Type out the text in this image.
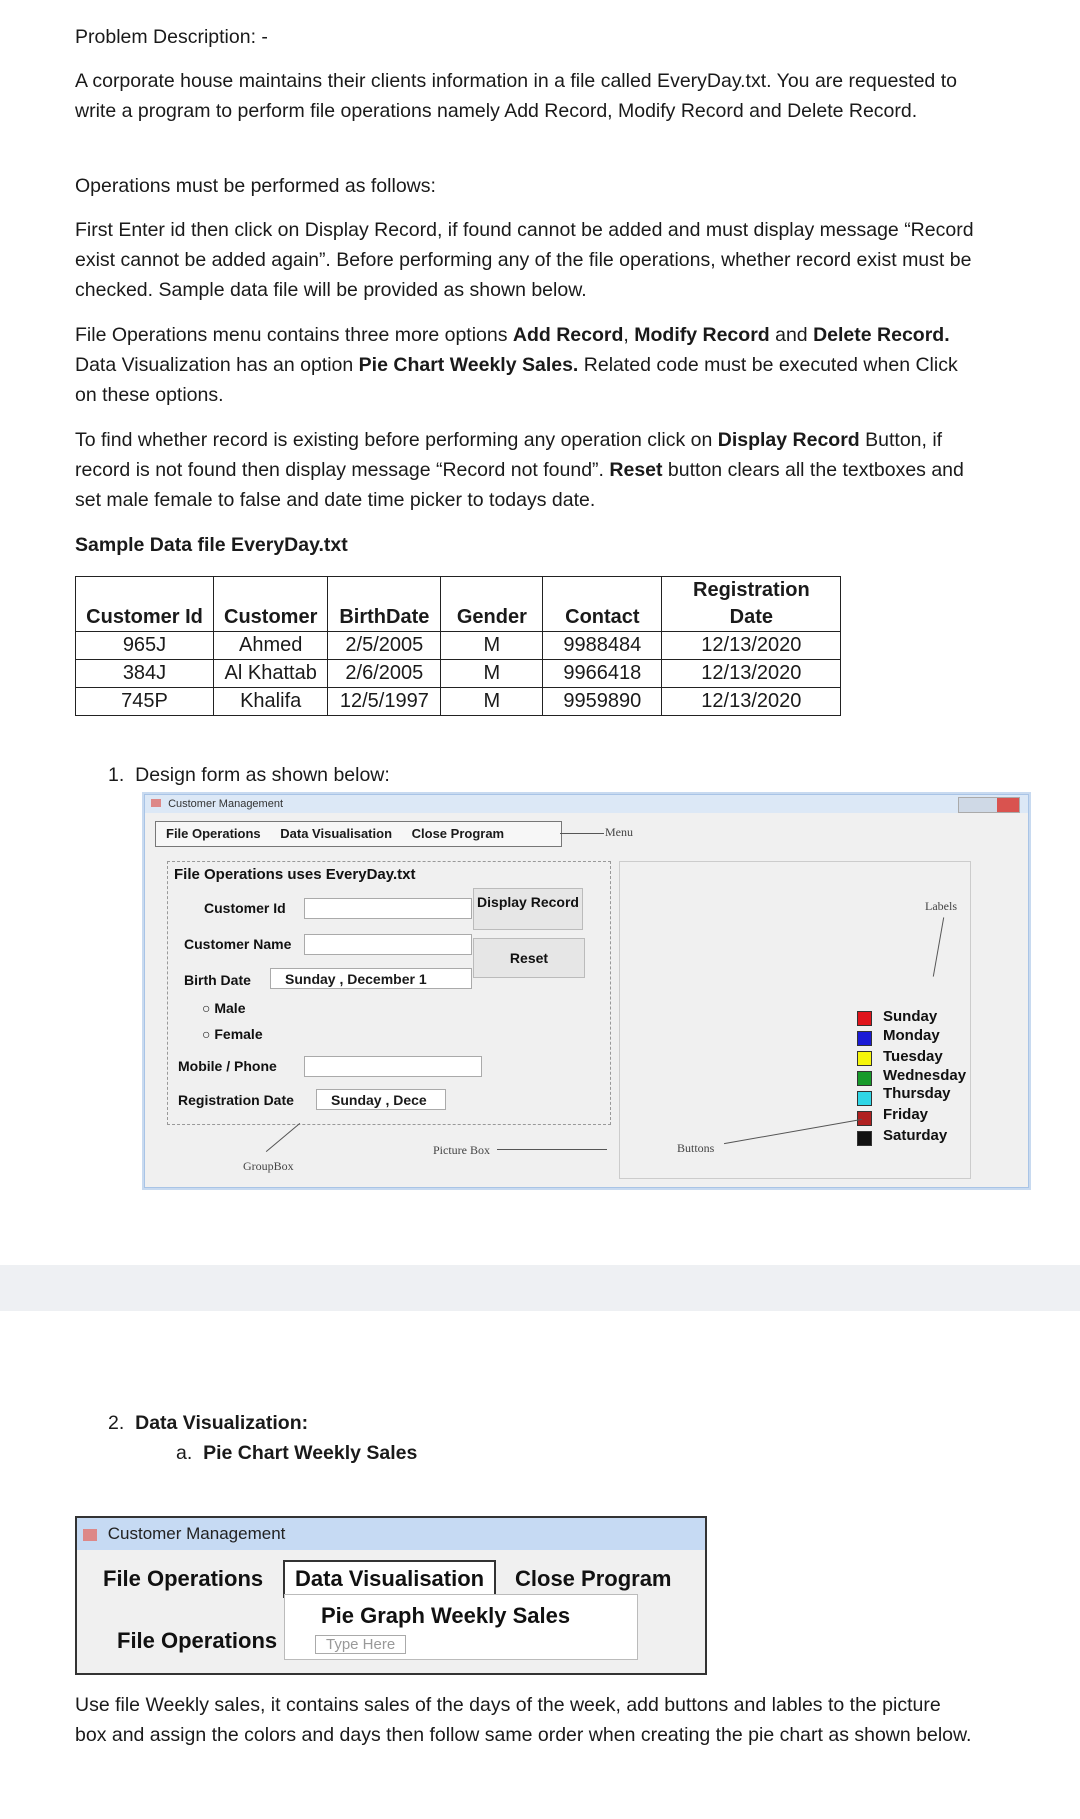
Problem Description: -
A corporate house maintains their clients information in a file called EveryDay.txt. You are requested to write a program to perform file operations namely Add Record, Modify Record and Delete Record.
Operations must be performed as follows:
First Enter id then click on Display Record, if found cannot be added and must display message “Record exist cannot be added again”. Before performing any of the file operations, whether record exist must be checked. Sample data file will be provided as shown below.
File Operations menu contains three more options Add Record, Modify Record and Delete Record. Data Visualization has an option Pie Chart Weekly Sales. Related code must be executed when Click on these options.
To find whether record is existing before performing any operation click on Display Record Button, if record is not found then display message “Record not found”. Reset button clears all the textboxes and set male female to false and date time picker to todays date.
Sample Data file EveryDay.txt
Customer Id	Customer	BirthDate	Gender	Contact	Registration Date
965J	Ahmed	2/5/2005	M	9988484	12/13/2020
384J	Al Khattab	2/6/2005	M	9966418	12/13/2020
745P	Khalifa	12/5/1997	M	9959890	12/13/2020
1. Design form as shown below:
Customer Management
File Operations Data Visualisation Close Program	Menu
File Operations uses EveryDay.txt
Customer Id
Customer Name
Birth Date	Sunday , December 1
○ Male
○ Female
Mobile / Phone
Registration Date	Sunday , Dece
Display Record
Reset
Labels
Sunday
Monday
Tuesday
Wednesday
Thursday
Friday
Saturday
Buttons
Picture Box
GroupBox
2. Data Visualization:
a. Pie Chart Weekly Sales
Customer Management
File Operations	Data Visualisation	Close Program
Pie Graph Weekly Sales
Type Here
File Operations
Use file Weekly sales, it contains sales of the days of the week, add buttons and lables to the picture box and assign the colors and days then follow same order when creating the pie chart as shown below.
